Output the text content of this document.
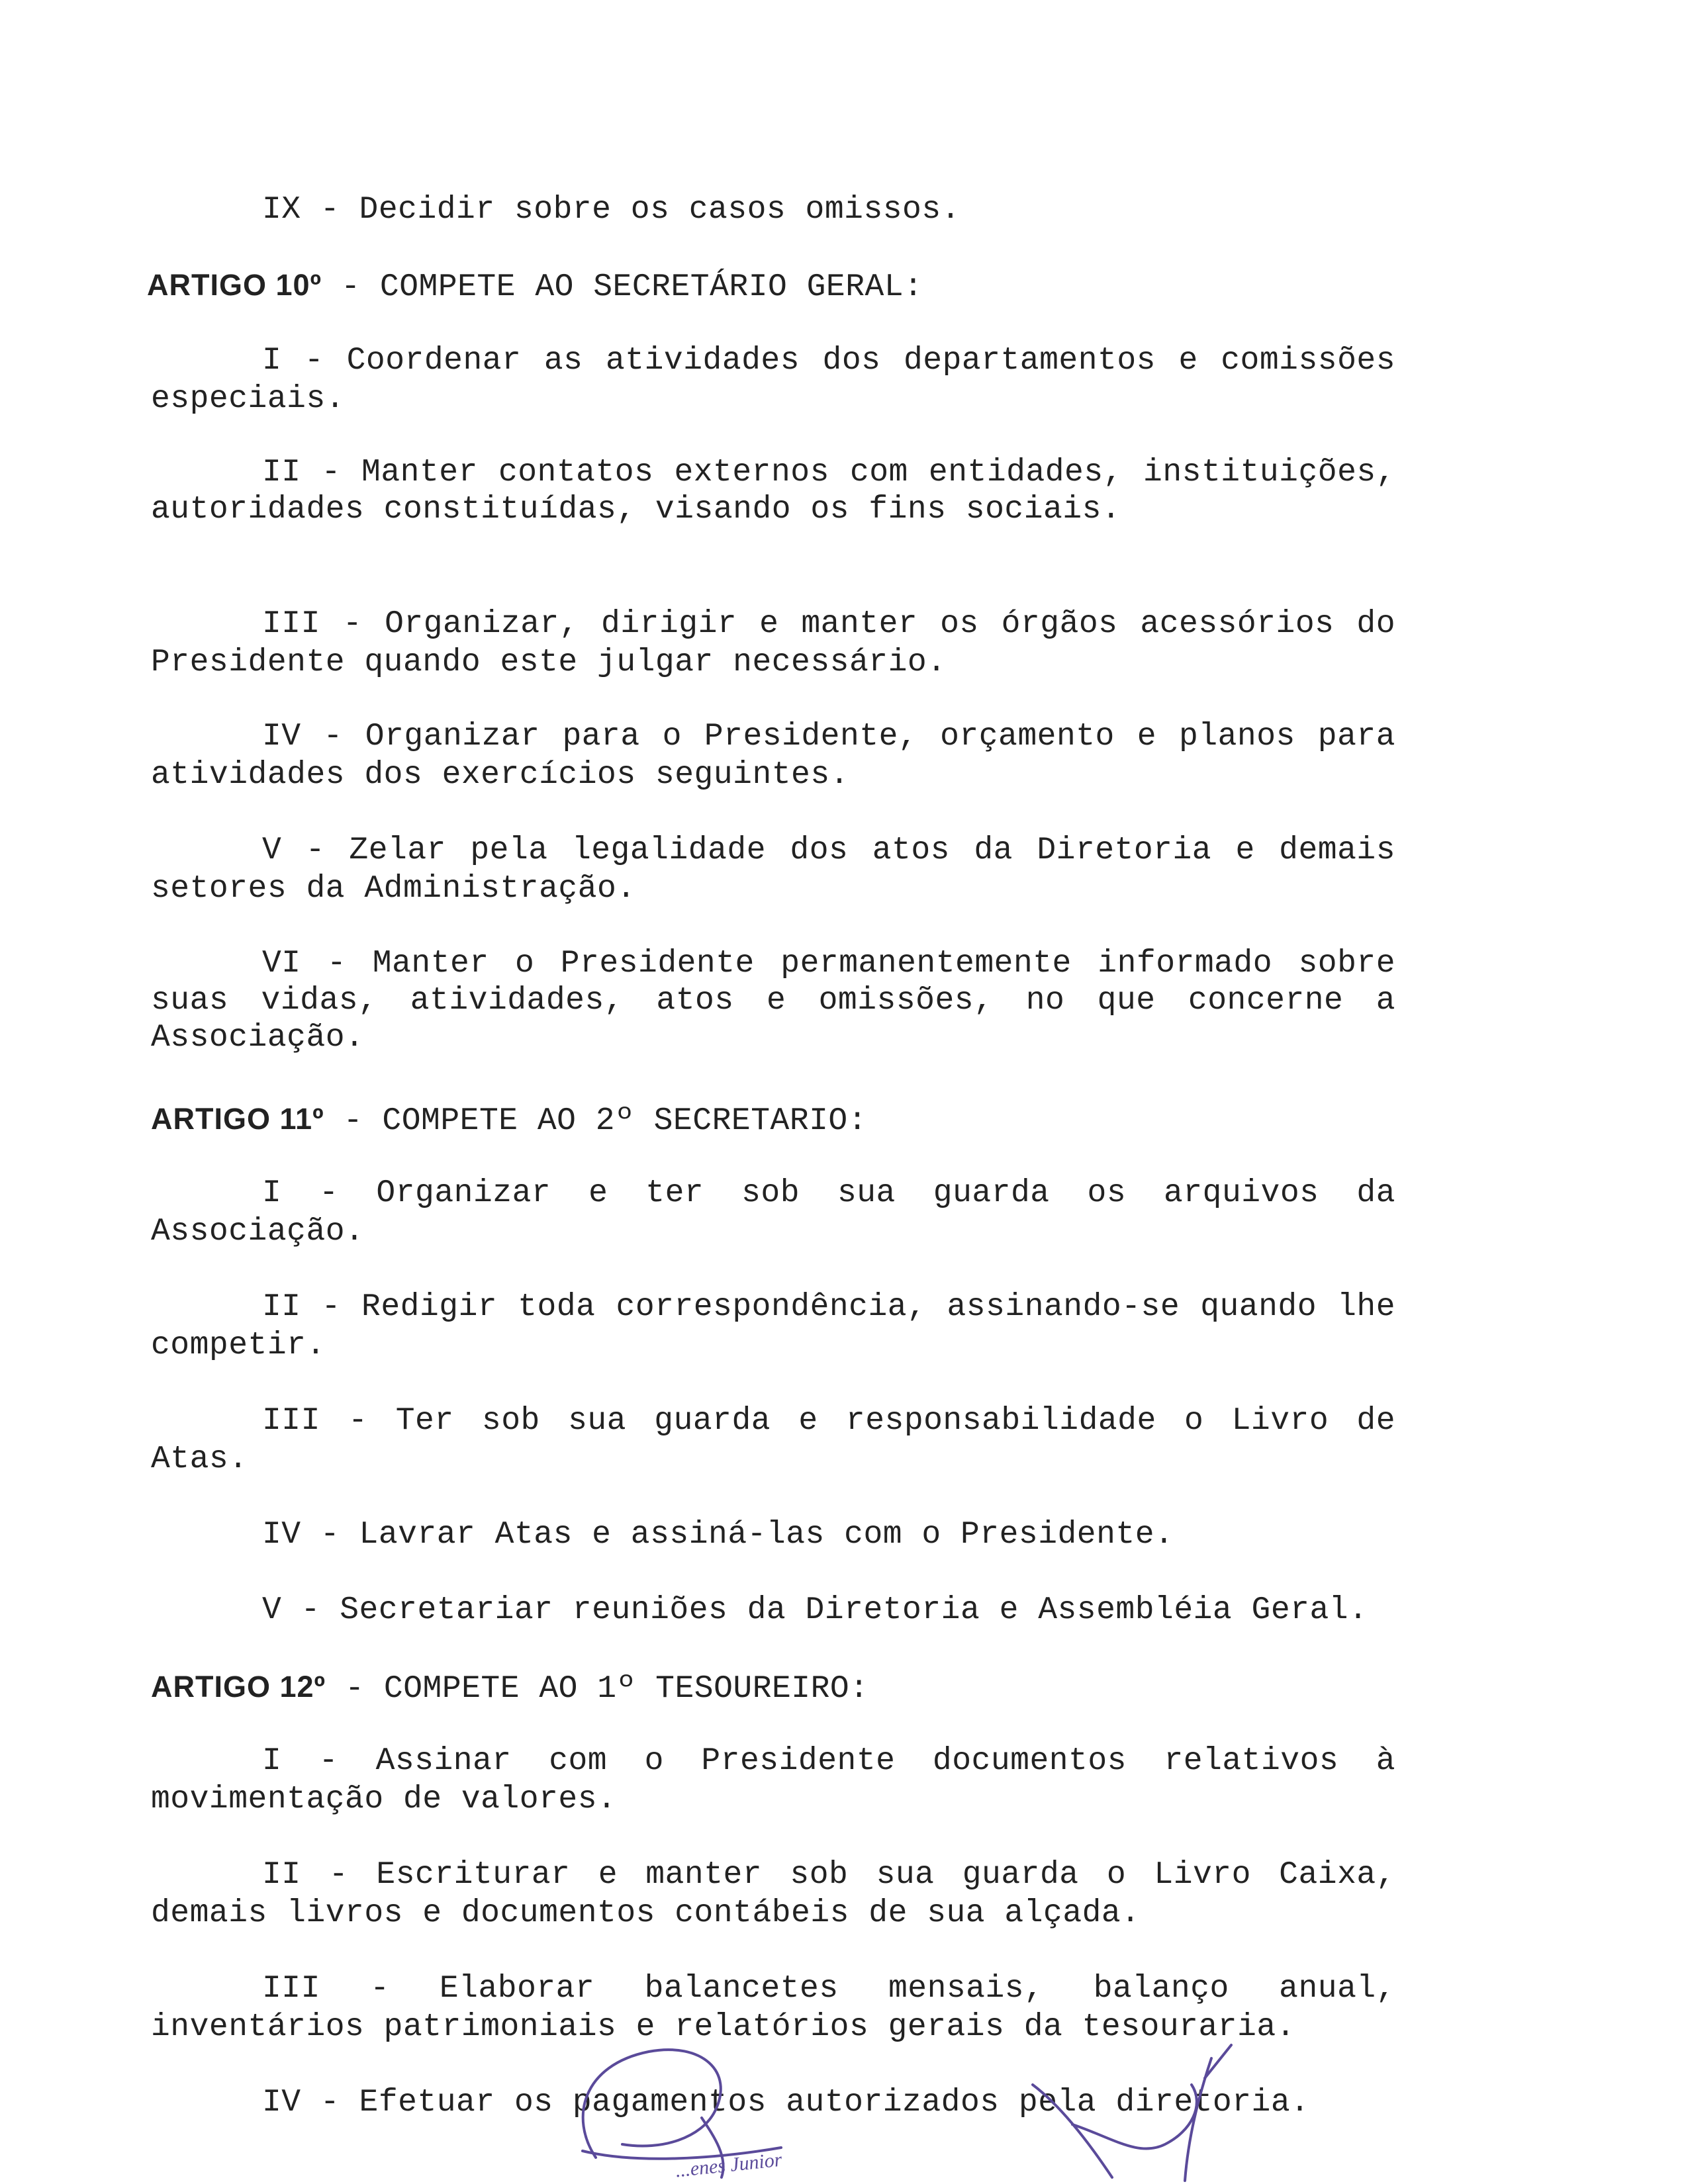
IX - Decidir sobre os casos omissos.

ARTIGO 10º - COMPETE AO SECRETÁRIO GERAL:

I - Coordenar as atividades dos departamentos e comissões especiais.

II - Manter contatos externos com entidades, instituições, autoridades constituídas, visando os fins sociais.

III - Organizar, dirigir e manter os órgãos acessórios do Presidente quando este julgar necessário.

IV - Organizar para o Presidente, orçamento e planos para atividades dos exercícios seguintes.

V - Zelar pela legalidade dos atos da Diretoria e demais setores da Administração.

VI - Manter o Presidente permanentemente informado sobre suas vidas, atividades, atos e omissões, no que concerne a Associação.

ARTIGO 11º - COMPETE AO 2º SECRETARIO:

I - Organizar e ter sob sua guarda os arquivos da Associação.

II - Redigir toda correspondência, assinando-se quando lhe competir.

III - Ter sob sua guarda e responsabilidade o Livro de Atas.

IV - Lavrar Atas e assiná-las com o Presidente.

V - Secretariar reuniões da Diretoria e Assembléia Geral.

ARTIGO 12º - COMPETE AO 1º TESOUREIRO:

I - Assinar com o Presidente documentos relativos à movimentação de valores.

II - Escriturar e manter sob sua guarda o Livro Caixa, demais livros e documentos contábeis de sua alçada.

III - Elaborar balancetes mensais, balanço anual, inventários patrimoniais e relatórios gerais da tesouraria.

IV - Efetuar os pagamentos autorizados pela diretoria.

...enes Junior
